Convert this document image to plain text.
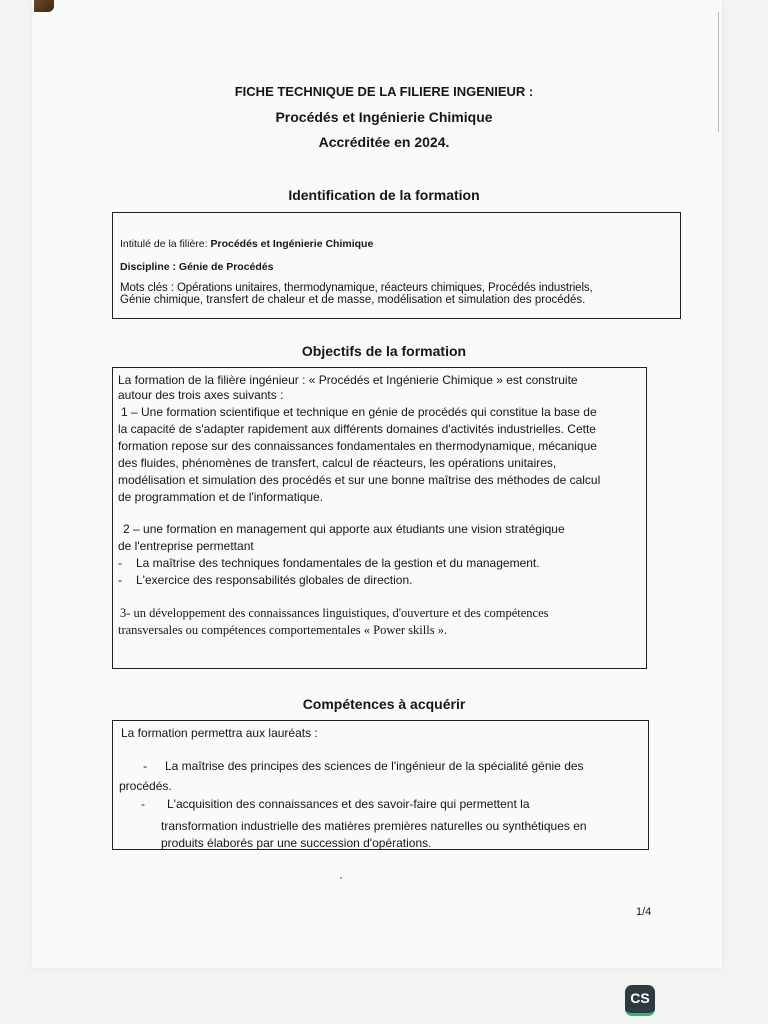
FICHE TECHNIQUE DE LA FILIERE INGENIEUR :
Procédés et Ingénierie Chimique
Accréditée en 2024.
Identification de la formation
Intitulé de la filière: Procédés et Ingénierie Chimique
Discipline : Génie de Procédés
Mots clés : Opérations unitaires, thermodynamique, réacteurs chimiques, Procédés industriels,
Génie chimique, transfert de chaleur et de masse, modélisation et simulation des procédés.
Objectifs de la formation
La formation de la filière ingénieur : « Procédés et Ingénierie Chimique » est construite
autour des trois axes suivants :
1 – Une formation scientifique et technique en génie de procédés qui constitue la base de
la capacité de s'adapter rapidement aux différents domaines d'activités industrielles. Cette
formation repose sur des connaissances fondamentales en thermodynamique, mécanique
des fluides, phénomènes de transfert, calcul de réacteurs, les opérations unitaires,
modélisation et simulation des procédés et sur une bonne maîtrise des méthodes de calcul
de programmation et de l'informatique.
2 – une formation en management qui apporte aux étudiants une vision stratégique
de l'entreprise permettant
- La maîtrise des techniques fondamentales de la gestion et du management.
- L'exercice des responsabilités globales de direction.
3- un développement des connaissances linguistiques, d'ouverture et des compétences
transversales ou compétences comportementales « Power skills ».
Compétences à acquérir
La formation permettra aux lauréats :
- La maîtrise des principes des sciences de l'ingénieur de la spécialité génie des
procédés.
- L'acquisition des connaissances et des savoir-faire qui permettent la
transformation industrielle des matières premières naturelles ou synthétiques en
produits élaborés par une succession d'opérations.
1/4
CS
